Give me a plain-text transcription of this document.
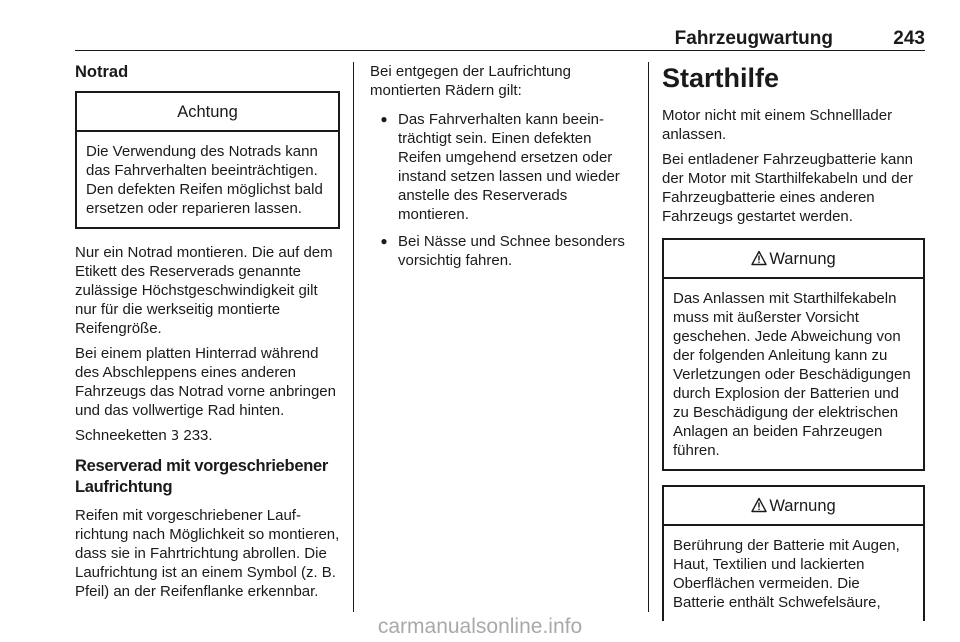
Fahrzeugwartung	243
Notrad
Achtung

Die Verwendung des Notrads kann das Fahrverhalten beeinträchtigen. Den defekten Reifen möglichst bald ersetzen oder reparieren lassen.

Nur ein Notrad montieren. Die auf dem Etikett des Reserverads genannte zulässige Höchstgeschwindigkeit gilt nur für die werkseitig montierte Reifengröße.

Bei einem platten Hinterrad während des Abschleppens eines anderen Fahrzeugs das Notrad vorne anbringen und das vollwertige Rad hinten.

Schneeketten 3 233.

Reserverad mit vorgeschriebener Laufrichtung

Reifen mit vorgeschriebener Laufrichtung nach Möglichkeit so montieren, dass sie in Fahrtrichtung abrollen. Die Laufrichtung ist an einem Symbol (z. B. Pfeil) an der Reifenflanke erkennbar.

Bei entgegen der Laufrichtung montierten Rädern gilt:

● Das Fahrverhalten kann beeinträchtigt sein. Einen defekten Reifen umgehend ersetzen oder instand setzen lassen und wieder anstelle des Reserverads montieren.
● Bei Nässe und Schnee besonders vorsichtig fahren.
Starthilfe

Motor nicht mit einem Schnelllader anlassen.

Bei entladener Fahrzeugbatterie kann der Motor mit Starthilfekabeln und der Fahrzeugbatterie eines anderen Fahrzeugs gestartet werden.

Warnung

Das Anlassen mit Starthilfekabeln muss mit äußerster Vorsicht geschehen. Jede Abweichung von der folgenden Anleitung kann zu Verletzungen oder Beschädigungen durch Explosion der Batterien und zu Beschädigung der elektrischen Anlagen an beiden Fahrzeugen führen.

Warnung

Berührung der Batterie mit Augen, Haut, Textilien und lackierten Oberflächen vermeiden. Die Batterie enthält Schwefelsäure,

carmanualsonline.info
